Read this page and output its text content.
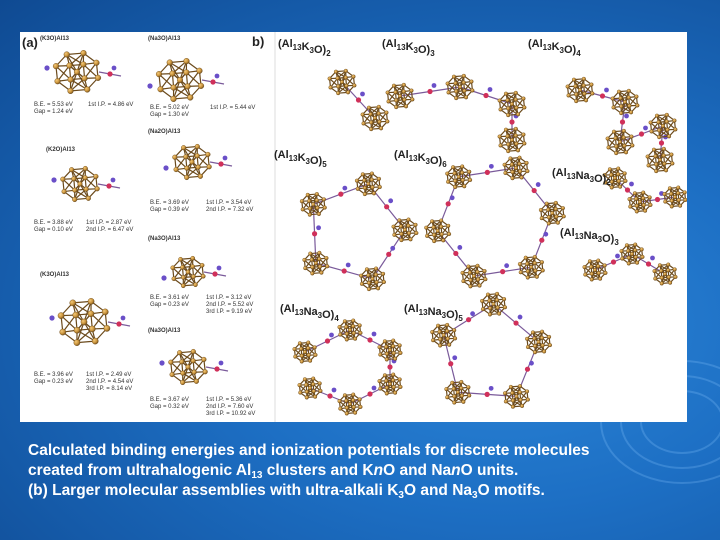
(a)	b)
(K3O)Al13	(Na3O)Al13
(Na2O)Al13
(K2O)Al13
(Na3O)Al13
(K3O)Al13
(Na3O)Al13
B.E. = 5.53 eV
Gap = 1.24 eV
1st I.P. = 4.86 eV	B.E. = 5.02 eV
Gap = 1.30 eV
1st I.P. = 5.44 eV
B.E. = 3.88 eV
Gap = 0.10 eV
1st I.P. = 2.87 eV
2nd I.P. = 6.47 eV
B.E. = 3.69 eV
Gap = 0.39 eV
1st I.P. = 3.54 eV
2nd I.P. = 7.32 eV
B.E. = 3.96 eV
Gap = 0.23 eV
1st I.P. = 2.49 eV
2nd I.P. = 4.54 eV
3rd I.P. = 8.14 eV
B.E. = 3.61 eV
Gap = 0.23 eV
1st I.P. = 3.12 eV
2nd I.P. = 5.52 eV
3rd I.P. = 9.19 eV
B.E. = 3.67 eV
Gap = 0.32 eV
1st I.P. = 5.36 eV
2nd I.P. = 7.60 eV
3rd I.P. = 10.92 eV
$(Al_{13}K_3O)_2$
$(Al_{13}K_3O)_3$
$(Al_{13}K_3O)_4$
$(Al_{13}K_3O)_5$
$(Al_{13}K_3O)_6$
$(Al_{13}Na_3O)_2$
$(Al_{13}Na_3O)_3$
$(Al_{13}Na_3O)_4$
$(Al_{13}Na_3O)_5$
Calculated binding energies and ionization potentials for discrete molecules
created from ultrahalogenic $Al_{13}$ clusters and KnO and NanO units.
(b) Larger molecular assemblies with ultra-alkali $K_3O$ and $Na_3O$ motifs.
